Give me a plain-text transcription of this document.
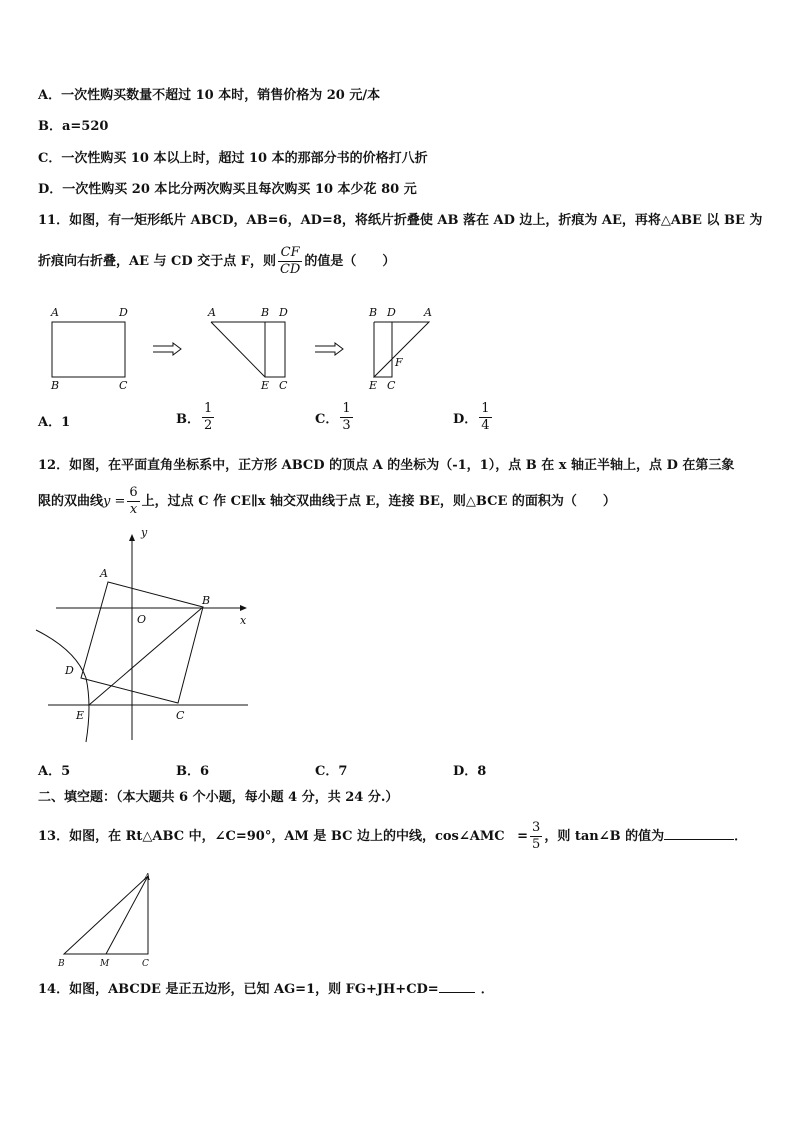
A．一次性购买数量不超过 10 本时，销售价格为 20 元/本
B．a=520
C．一次性购买 10 本以上时，超过 10 本的那部分书的价格打八折
D．一次性购买 20 本比分两次购买且每次购买 10 本少花 80 元
11．如图，有一矩形纸片 ABCD，AB=6，AD=8，将纸片折叠使 AB 落在 AD 边上，折痕为 AE，再将△ABE 以 BE 为
折痕向右折叠，AE 与 CD 交于点 F，则 $\frac{CF}{CD}$ 的值是（　　）
A	D
B	C
A	B D
E C
B D	A
F
E C
A．1	B． $\frac{1}{2}$	C． $\frac{1}{3}$	D． $\frac{1}{4}$
12．如图，在平面直角坐标系中，正方形 ABCD 的顶点 A 的坐标为（-1，1），点 B 在 x 轴正半轴上，点 D 在第三象
限的双曲线$y = \frac{6}{x}$ 上，过点 C 作 CE∥x 轴交双曲线于点 E，连接 BE，则△BCE 的面积为（　　）
y
x
A
B
O
D
E	C
A．5	B．6	C．7	D．8
二、填空题：（本大题共 6 个小题，每小题 4 分，共 24 分.）
13．如图，在 Rt△ABC 中，∠C=90°，AM 是 BC 边上的中线，cos∠AMC = $\frac{3}{5}$ ，则 tan∠B 的值为	．
A
B	M	C
14．如图，ABCDE 是正五边形，已知 AG=1，则 FG+JH+CD=	．
